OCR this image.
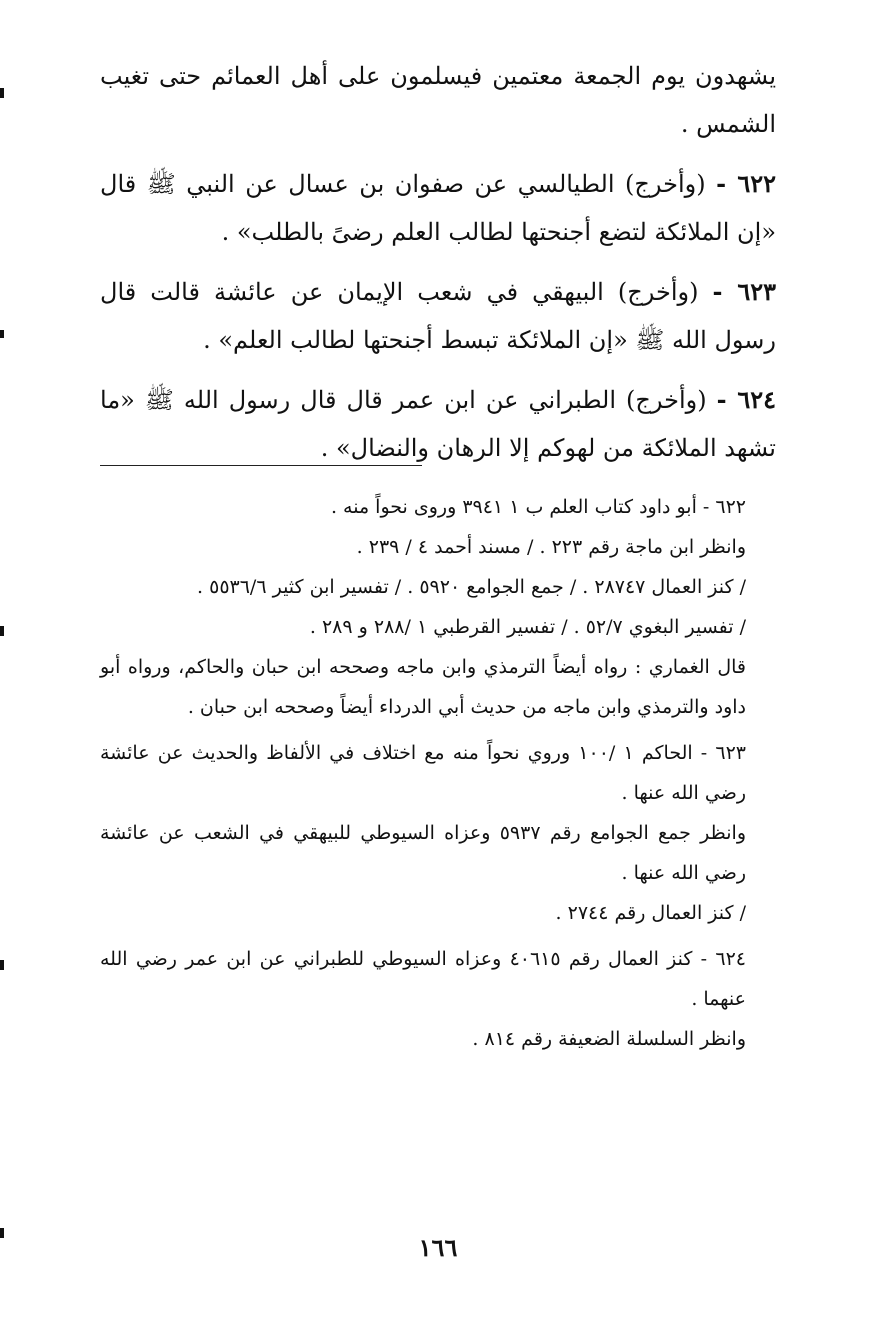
يشهدون يوم الجمعة معتمين فيسلمون على أهل العمائم حتى تغيب الشمس .

٦٢٢ - (وأخرج) الطيالسي عن صفوان بن عسال عن النبي ﷺ قال «إن الملائكة لتضع أجنحتها لطالب العلم رضىً بالطلب» .

٦٢٣ - (وأخرج) البيهقي في شعب الإيمان عن عائشة قالت قال رسول الله ﷺ «إن الملائكة تبسط أجنحتها لطالب العلم» .

٦٢٤ - (وأخرج) الطبراني عن ابن عمر قال قال رسول الله ﷺ «ما تشهد الملائكة من لهوكم إلا الرهان والنضال» .

٦٢٢ - أبو داود كتاب العلم ب ١ ٣٩٤١ وروى نحواً منه .

وانظر ابن ماجة رقم ٢٢٣ . / مسند أحمد ٤ / ٢٣٩ .

/ كنز العمال ٢٨٧٤٧ . / جمع الجوامع ٥٩٢٠ . / تفسير ابن كثير ٥٥٣٦/٦ .

/ تفسير البغوي ٥٢/٧ . / تفسير القرطبي ١ /٢٨٨ و ٢٨٩ .

قال الغماري : رواه أيضاً الترمذي وابن ماجه وصححه ابن حبان والحاكم، ورواه أبو داود والترمذي وابن ماجه من حديث أبي الدرداء أيضاً وصححه ابن حبان .

٦٢٣ - الحاكم ١ /١٠٠ وروي نحواً منه مع اختلاف في الألفاظ والحديث عن عائشة رضي الله عنها .

وانظر جمع الجوامع رقم ٥٩٣٧ وعزاه السيوطي للبيهقي في الشعب عن عائشة رضي الله عنها .

/ كنز العمال رقم ٢٧٤٤ .

٦٢٤ - كنز العمال رقم ٤٠٦١٥ وعزاه السيوطي للطبراني عن ابن عمر رضي الله عنهما .

وانظر السلسلة الضعيفة رقم ٨١٤ .

١٦٦
